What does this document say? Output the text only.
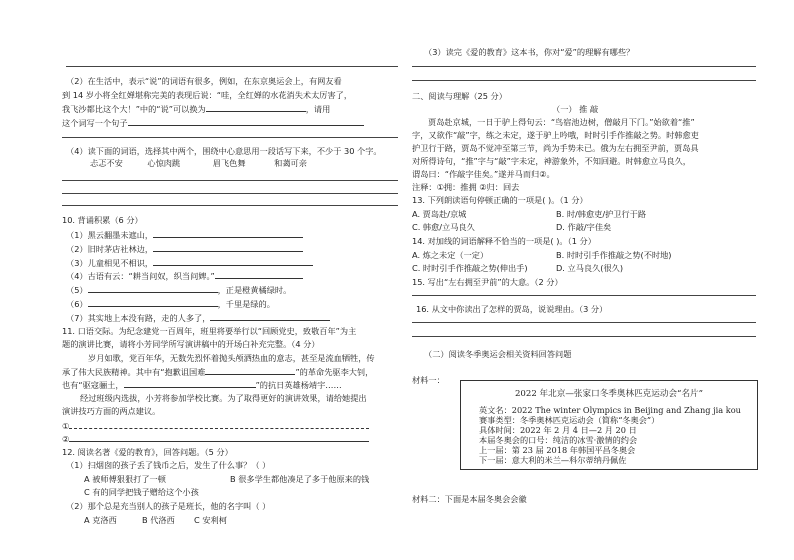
（2）在生活中，表示“说”的词语有很多，例如，在东京奥运会上，有网友看
到 14 岁小将全红婵堪称完美的表现后说：“哇，全红婵的水花消失术太厉害了，
我飞沙都比这个大！”中的“说”可以换为	，请用
这个词写一个句子
（4）读下面的词语，选择其中两个，围绕中心意思用一段话写下来，不少于 30 个字。
忐忑不安	心惊肉跳	眉飞色舞	和蔼可亲
10. 背诵积累（6 分）
（1）黑云翻墨未遮山，
（2）旧时茅店社林边，
（3）儿童相见不相识，
（4）古语有云：“耕当问奴，织当问婢。”
（5）	，正是橙黄橘绿时。
（6）	，千里是绿的。
（7）其实地上本没有路，走的人多了，
11. 口语交际。为纪念建党一百周年，班里将要举行以“回顾党史，致敬百年”为主
题的演讲比赛，请将小芳同学所写演讲稿中的开场白补充完整。（4 分）
岁月如歌，党百年华，无数先烈怀着抛头颅洒热血的意志，甚至是流血牺牲，传
承了伟大民族精神。其中有“抱歉诅国难	”的革命先驱李大钊，
也有“驱寇骊土，	”的抗日英雄杨靖宇……
经过班级内选拔，小芳将参加学校比赛。为了取得更好的演讲效果，请给她提出
演讲技巧方面的两点建议。
①
②
12. 阅读名著《爱的教育》，回答问题。（5 分）
（1）扫烟囱的孩子丢了钱币之后，发生了什么事？（ ）
A 被师傅狠狠打了一顿	B 很多学生都他凑足了多于他原来的钱
C 有的同学把钱子赠给这个小孩
（2）那个总是充当别人的孩子是班长，他的名字叫（ ）
A 克洛西	B 代洛西 C 安利柯
（3）读完《爱的教育》这本书，你对“爱”的理解有哪些？
二、阅读与理解（25 分）
（一） 推 敲
贾岛赴京城，一日于驴上得句云：“鸟宿池边树，僧敲月下门。”始欲着“推”
字，又欲作“敲”字，练之未定，遂于驴上吟哦，时时引手作推敲之势。时韩愈吏
护卫行于路，贾岛不觉冲至第三节，尚为手势未已。俄为左右拥至尹前，贾岛具
对所得诗句，“推”字与“敲”字未定，神游象外，不知回避。时韩愈立马良久，
谓岛曰：“作敲字佳矣。”遂并马而归②。
注释：①拥：推拥 ②归：回去
13. 下列朗读语句停顿正确的一项是( )。（1 分）
A. 贾岛赴/京城	B. 时/韩愈吏/护卫行于路
C. 韩愈/立马良久	D. 作敲/字佳矣
14. 对加线的词语解释不恰当的一项是( )。（1 分）
A. 炼之未定（一定）	B. 时时引手作推敲之势(不时地)
C. 时时引手作推敲之势(伸出手)	D. 立马良久(很久)
15. 写出“左右拥至尹前”的大意。（2 分）
16. 从文中你读出了怎样的贾岛，说说理由。（3 分）
（二）阅读冬季奥运会相关资料回答问题
材料一：
2022 年北京—张家口冬季奥林匹克运动会“名片”
英文名：2022 The winter Olympics in Beijing and Zhang jia kou
赛事类型：冬季奥林匹克运动会（简称“冬奥会”）
具体时间：2022 年 2 月 4 日—2 月 20 日
本届冬奥会的口号：纯洁的冰雪·激情的约会
上一届：第 23 届 2018 年韩国平昌冬奥会
下一届：意大利的米兰—科尔蒂纳丹佩佐
材料二：下面是本届冬奥会会徽
